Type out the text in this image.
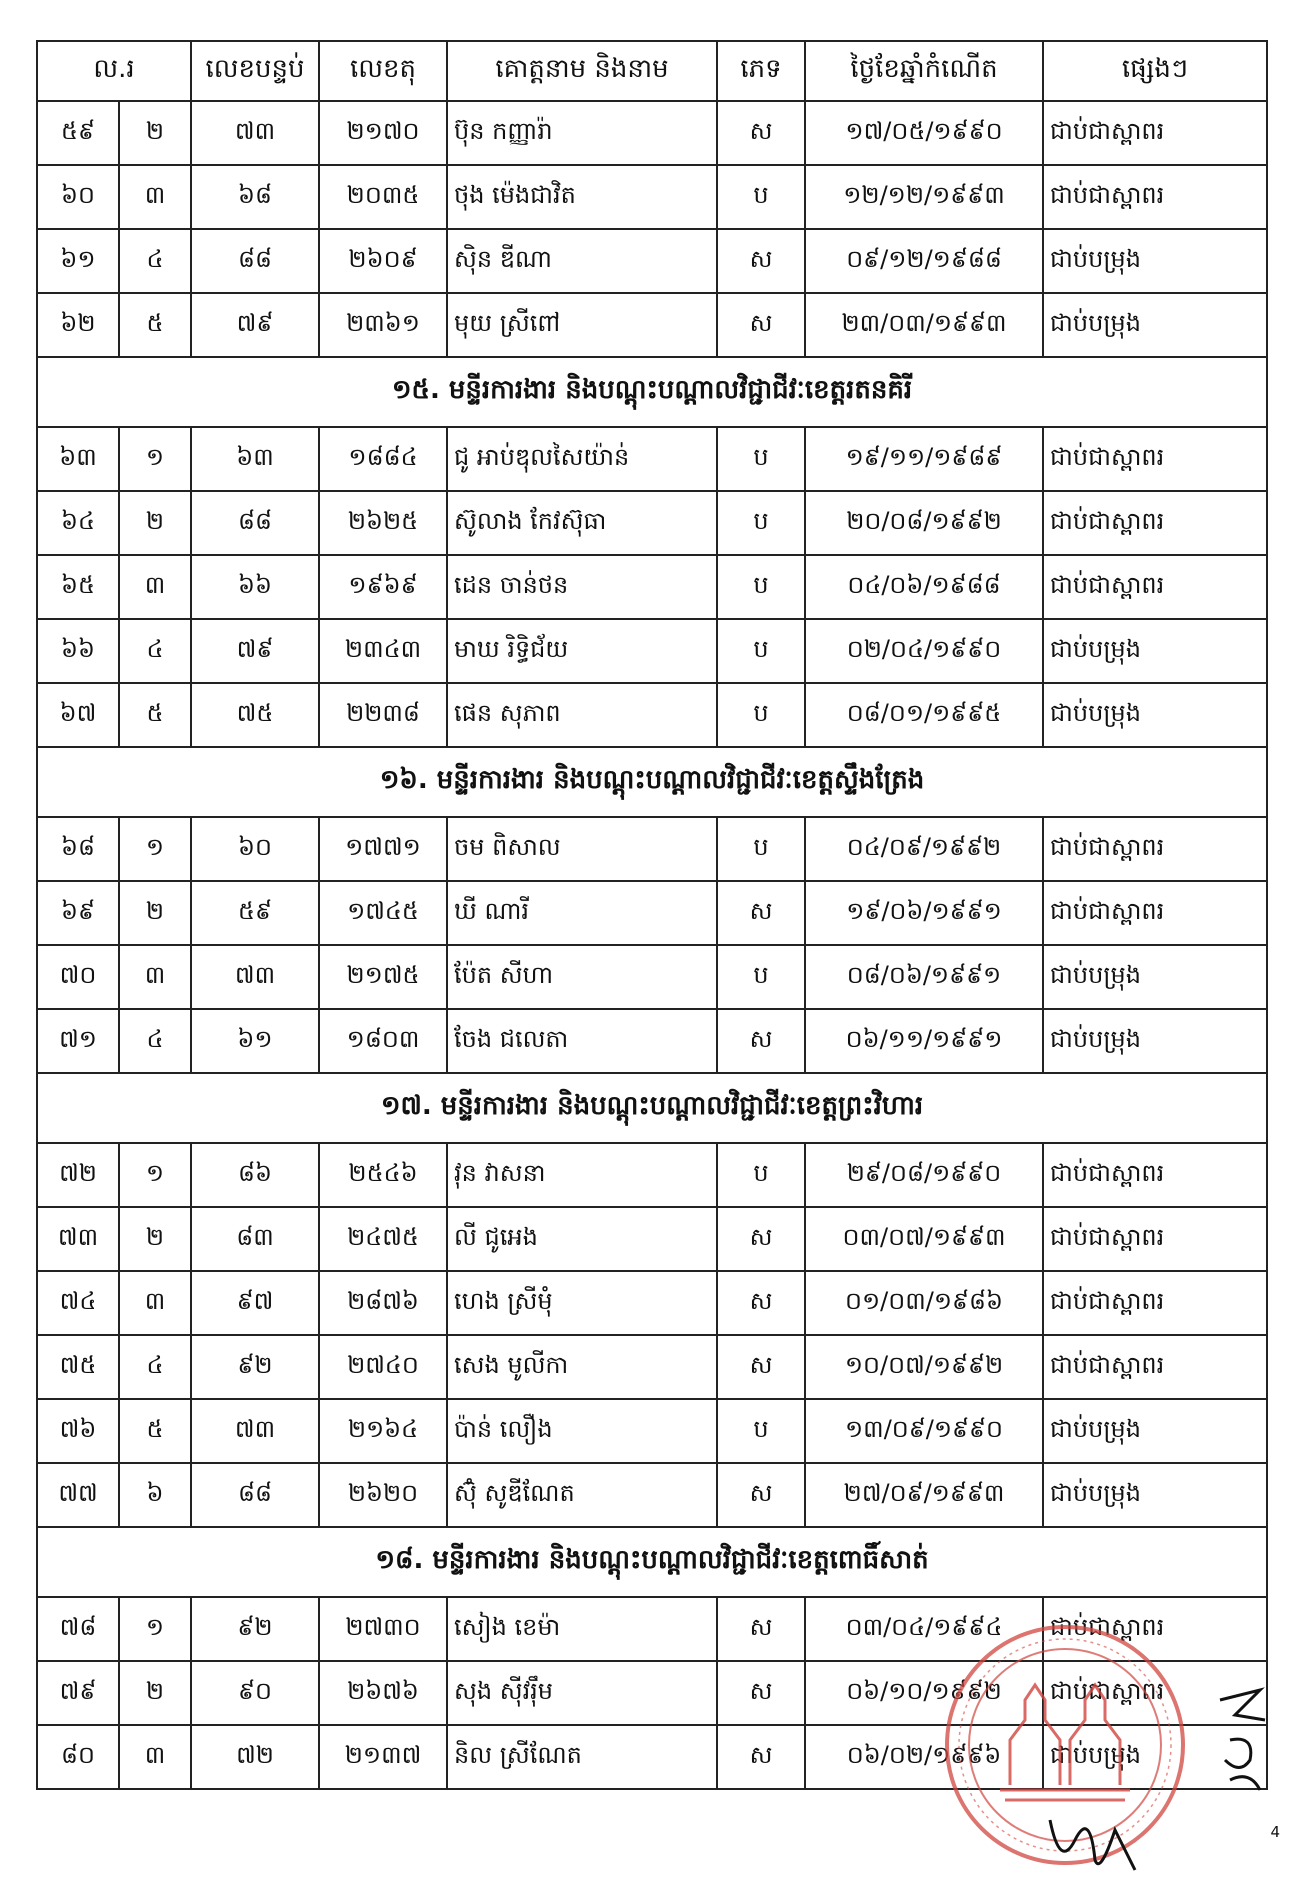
ល.រ		លេខបន្ទប់	លេខតុ	គោត្តនាម និងនាម	ភេទ	ថ្ងៃខែឆ្នាំកំណើត	ផ្សេងៗ
៥៩	២	៧៣	២១៧០	ប៊ុន កញ្ញារ៉ា	ស	១៧/០៥/១៩៩០	ជាប់ជាស្ពាពរ
៦០	៣	៦៨	២០៣៥	ថុង ម៉េងជាវិត	ប	១២/១២/១៩៩៣	ជាប់ជាស្ពាពរ
៦១	៤	៨៨	២៦០៩	ស៊ិន ឌីណា	ស	០៩/១២/១៩៨៨	ជាប់បម្រុង
៦២	៥	៧៩	២៣៦១	មុយ ស្រីពៅ	ស	២៣/០៣/១៩៩៣	ជាប់បម្រុង
១៥. មន្ទីរការងារ និងបណ្តុះបណ្តាលវិជ្ជាជីវៈខេត្តរតនគិរី							
៦៣	១	៦៣	១៨៨៤	ជូ អាប់ឌុលសៃយ៉ាន់	ប	១៩/១១/១៩៨៩	ជាប់ជាស្ពាពរ
៦៤	២	៨៨	២៦២៥	ស៊ូលាង កែវស៊ុធា	ប	២០/០៨/១៩៩២	ជាប់ជាស្ពាពរ
៦៥	៣	៦៦	១៩៦៩	ដេន ចាន់ថន	ប	០៤/០៦/១៩៨៨	ជាប់ជាស្ពាពរ
៦៦	៤	៧៩	២៣៤៣	មាឃ រិទ្ធិជ័យ	ប	០២/០៤/១៩៩០	ជាប់បម្រុង
៦៧	៥	៧៥	២២៣៨	ផេន សុភាព	ប	០៨/០១/១៩៩៥	ជាប់បម្រុង
១៦. មន្ទីរការងារ និងបណ្តុះបណ្តាលវិជ្ជាជីវៈខេត្តស្ទឹងត្រែង							
៦៨	១	៦០	១៧៧១	ចម ពិសាល	ប	០៤/០៩/១៩៩២	ជាប់ជាស្ពាពរ
៦៩	២	៥៩	១៧៤៥	ឃី ណារី	ស	១៩/០៦/១៩៩១	ជាប់ជាស្ពាពរ
៧០	៣	៧៣	២១៧៥	ប៉ែត សីហា	ប	០៨/០៦/១៩៩១	ជាប់បម្រុង
៧១	៤	៦១	១៨០៣	ចែង ជលេតា	ស	០៦/១១/១៩៩១	ជាប់បម្រុង
១៧. មន្ទីរការងារ និងបណ្តុះបណ្តាលវិជ្ជាជីវៈខេត្តព្រះវិហារ							
៧២	១	៨៦	២៥៤៦	វុន វាសនា	ប	២៩/០៨/១៩៩០	ជាប់ជាស្ពាពរ
៧៣	២	៨៣	២៤៧៥	លី ជូអេង	ស	០៣/០៧/១៩៩៣	ជាប់ជាស្ពាពរ
៧៤	៣	៩៧	២៨៧៦	ហេង ស្រីមុំ	ស	០១/០៣/១៩៨៦	ជាប់ជាស្ពាពរ
៧៥	៤	៩២	២៧៤០	សេង មូលីកា	ស	១០/០៧/១៩៩២	ជាប់ជាស្ពាពរ
៧៦	៥	៧៣	២១៦៤	ប៉ាន់ លឿង	ប	១៣/០៩/១៩៩០	ជាប់បម្រុង
៧៧	៦	៨៨	២៦២០	ស៊ុំ សូឌីណែត	ស	២៧/០៩/១៩៩៣	ជាប់បម្រុង
១៨. មន្ទីរការងារ និងបណ្តុះបណ្តាលវិជ្ជាជីវៈខេត្តពោធិ៍សាត់							
៧៨	១	៩២	២៧៣០	សៀង ខេម៉ា	ស	០៣/០៤/១៩៩៤	ជាប់ជាស្ពាពរ
៧៩	២	៩០	២៦៧៦	សុង ស៊ីវរ៉ឹម	ស	០៦/១០/១៩៩២	ជាប់ជាស្ពាពរ
៨០	៣	៧២	២១៣៧	និល ស្រីណែត	ស	០៦/០២/១៩៩៦	ជាប់បម្រុង
4
